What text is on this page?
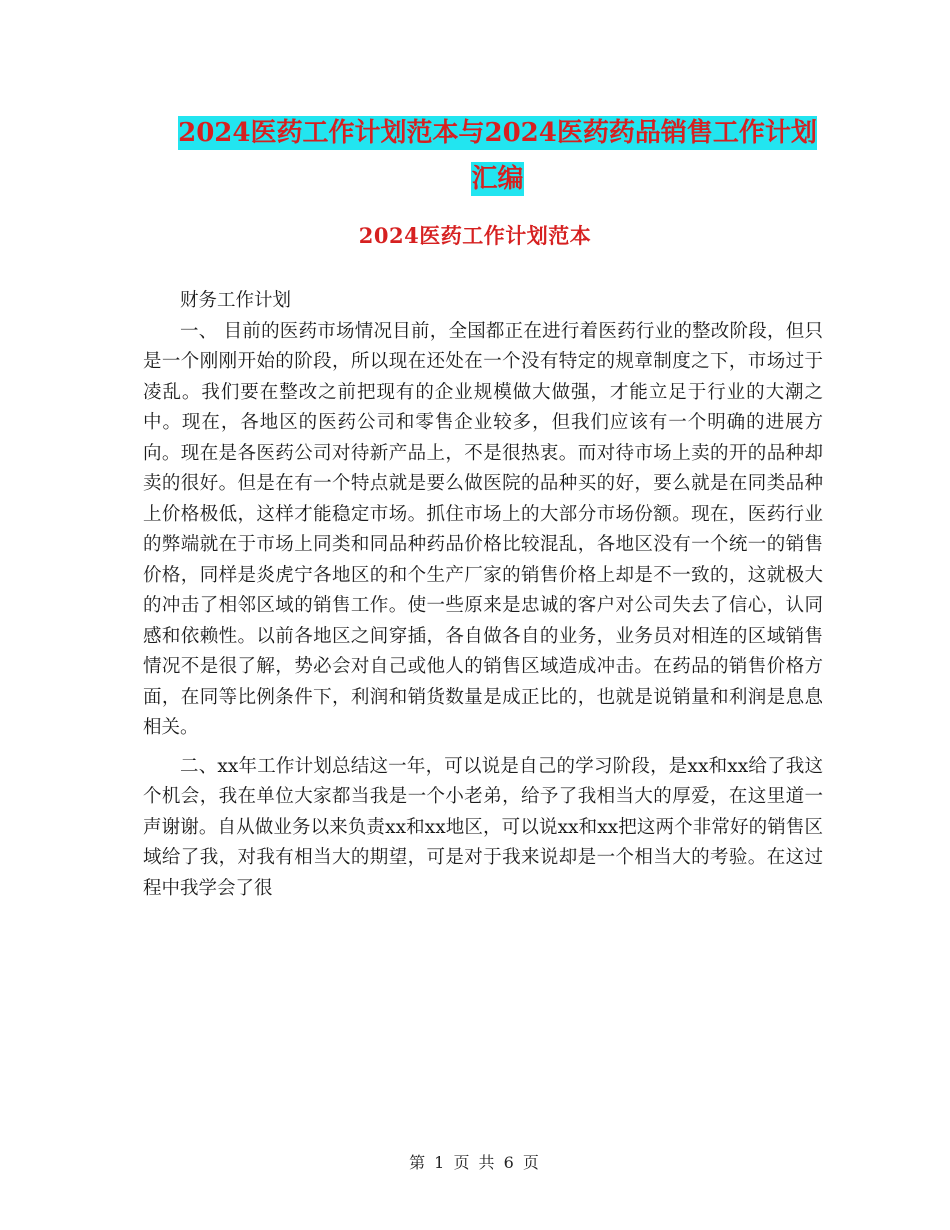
2024医药工作计划范本与2024医药药品销售工作计划
汇编
2024医药工作计划范本

财务工作计划

一、 目前的医药市场情况目前，全国都正在进行着医药行业的整改阶段，但只是一个刚刚开始的阶段，所以现在还处在一个没有特定的规章制度之下，市场过于凌乱。我们要在整改之前把现有的企业规模做大做强，才能立足于行业的大潮之中。现在，各地区的医药公司和零售企业较多，但我们应该有一个明确的进展方向。现在是各医药公司对待新产品上，不是很热衷。而对待市场上卖的开的品种却卖的很好。但是在有一个特点就是要么做医院的品种买的好，要么就是在同类品种上价格极低，这样才能稳定市场。抓住市场上的大部分市场份额。现在，医药行业的弊端就在于市场上同类和同品种药品价格比较混乱，各地区没有一个统一的销售价格，同样是炎虎宁各地区的和个生产厂家的销售价格上却是不一致的，这就极大的冲击了相邻区域的销售工作。使一些原来是忠诚的客户对公司失去了信心，认同感和依赖性。以前各地区之间穿插，各自做各自的业务，业务员对相连的区域销售情况不是很了解，势必会对自己或他人的销售区域造成冲击。在药品的销售价格方面，在同等比例条件下，利润和销货数量是成正比的，也就是说销量和利润是息息相关。

二、xx年工作计划总结这一年，可以说是自己的学习阶段，是xx和xx给了我这个机会，我在单位大家都当我是一个小老弟，给予了我相当大的厚爱，在这里道一声谢谢。自从做业务以来负责xx和xx地区，可以说xx和xx把这两个非常好的销售区域给了我，对我有相当大的期望，可是对于我来说却是一个相当大的考验。在这过程中我学会了很

第 1 页 共 6 页
